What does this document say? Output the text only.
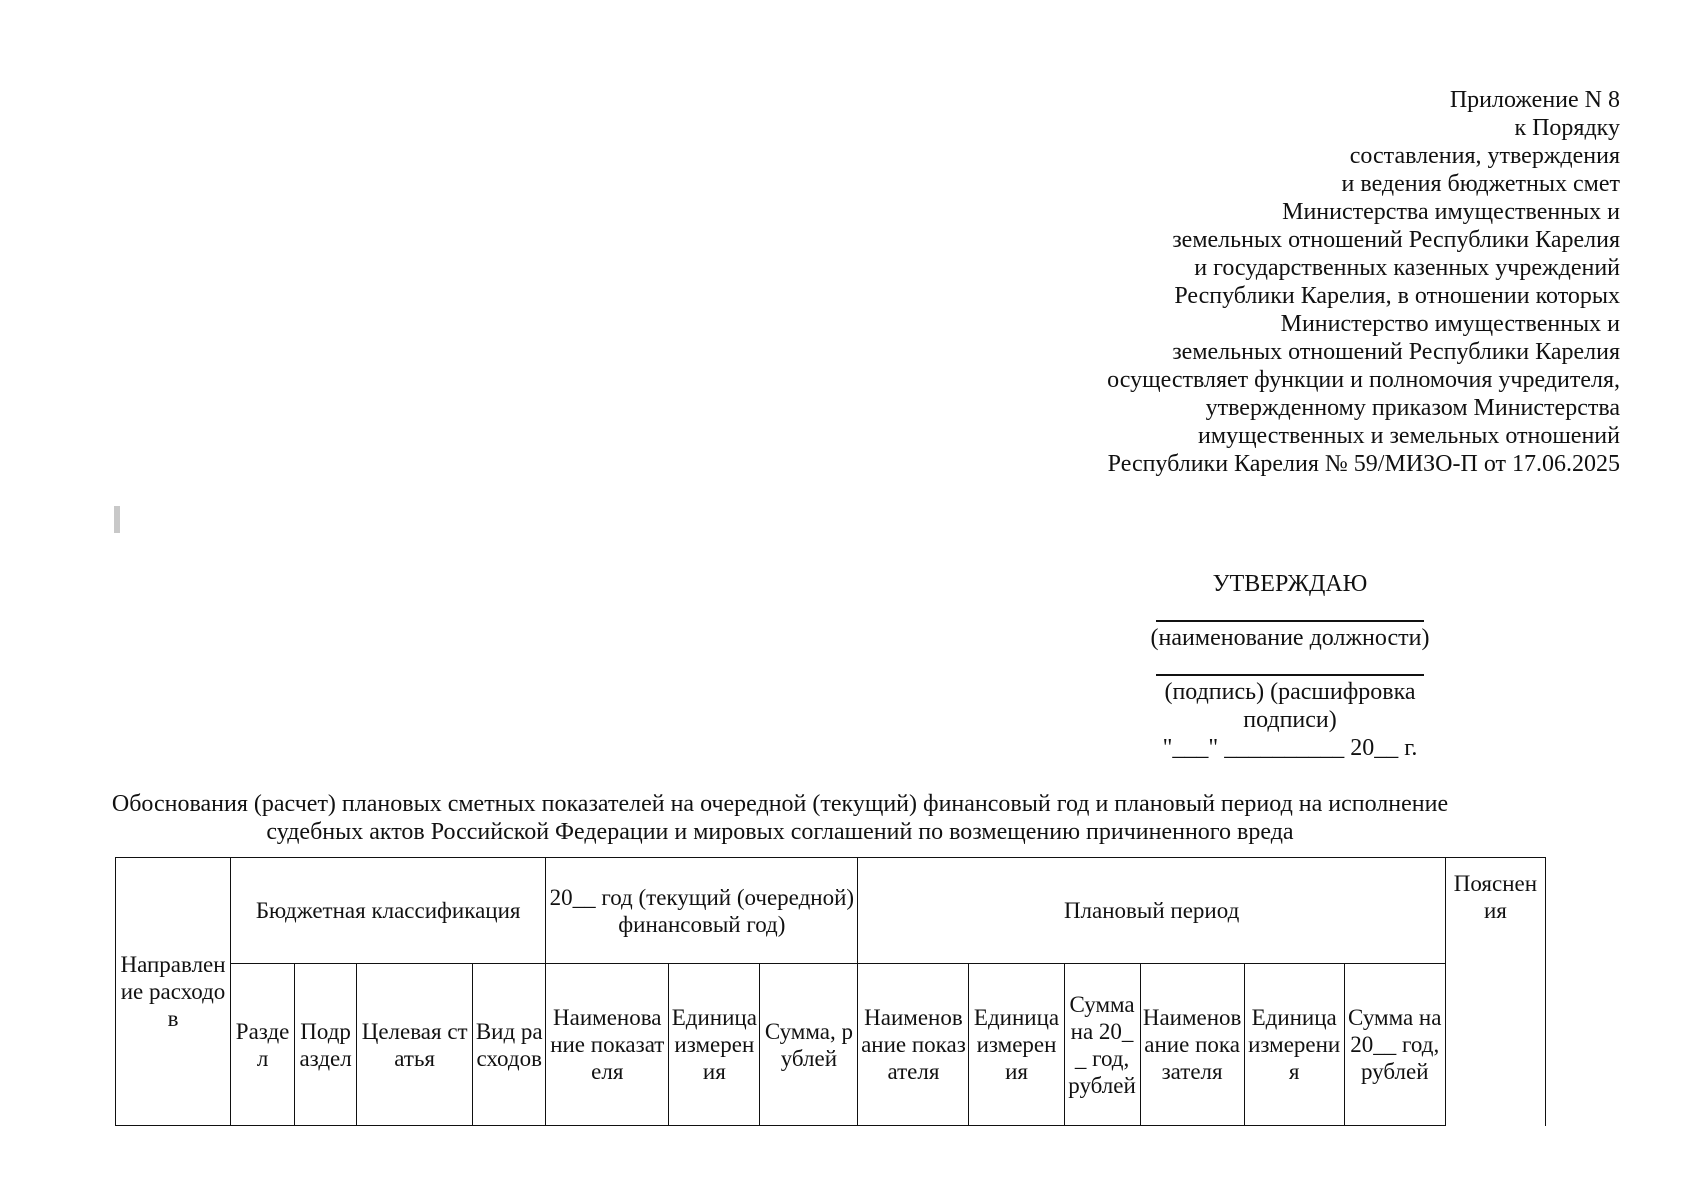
Приложение N 8
к Порядку
составления, утверждения
и ведения бюджетных смет
Министерства имущественных и
земельных отношений Республики Карелия
и государственных казенных учреждений
Республики Карелия, в отношении которых
Министерство имущественных и
земельных отношений Республики Карелия
осуществляет функции и полномочия учредителя,
утвержденному приказом Министерства
имущественных и земельных отношений
Республики Карелия № 59/МИЗО-П от 17.06.2025
УТВЕРЖДАЮ
(наименование должности)
(подпись) (расшифровка подписи)
"___" __________ 20__ г.
Обоснования (расчет) плановых сметных показателей на очередной (текущий) финансовый год и плановый период на исполнение судебных актов Российской Федерации и мировых соглашений по возмещению причиненного вреда
Направление расходов	Бюджетная классификация				20__ год (текущий (очередной) финансовый год)			Плановый период						Пояснения
	Раздел	Подраздел	Целевая статья	Вид расходов	Наименование показателя	Единица измерения	Сумма, рублей	Наименование показателя	Единица измерения	Сумма на 20__ год, рублей	Наименование показателя	Единица измерения	Сумма на 20__ год, рублей	
